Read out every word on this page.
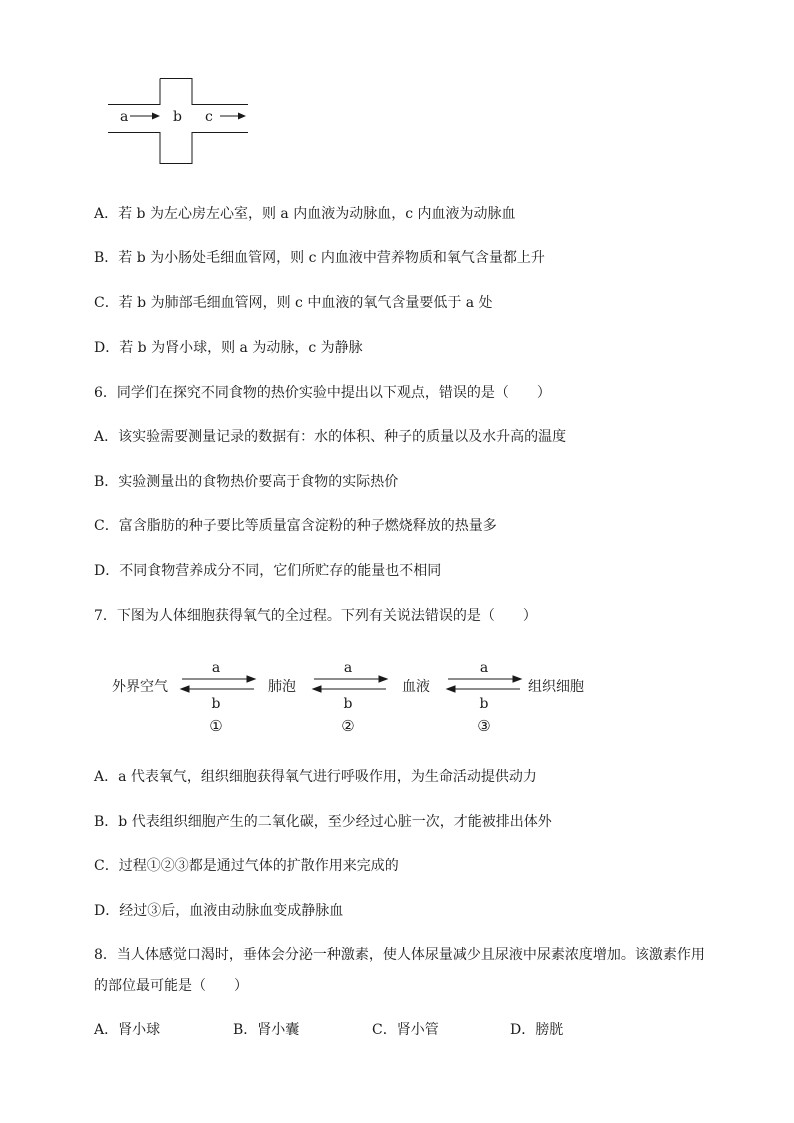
a	b c
A．若 b 为左心房左心室，则 a 内血液为动脉血，c 内血液为动脉血
B．若 b 为小肠处毛细血管网，则 c 内血液中营养物质和氧气含量都上升
C．若 b 为肺部毛细血管网，则 c 中血液的氧气含量要低于 a 处
D．若 b 为肾小球，则 a 为动脉，c 为静脉
6．同学们在探究不同食物的热价实验中提出以下观点，错误的是（　　）
A．该实验需要测量记录的数据有：水的体积、种子的质量以及水升高的温度
B．实验测量出的食物热价要高于食物的实际热价
C．富含脂肪的种子要比等质量富含淀粉的种子燃烧释放的热量多
D．不同食物营养成分不同，它们所贮存的能量也不相同
7．下图为人体细胞获得氧气的全过程。下列有关说法错误的是（　　）
外界空气	肺泡	血液	组织细胞
a	a	a
b	b	b
①	②	③
A．a 代表氧气，组织细胞获得氧气进行呼吸作用，为生命活动提供动力
B．b 代表组织细胞产生的二氧化碳，至少经过心脏一次，才能被排出体外
C．过程①②③都是通过气体的扩散作用来完成的
D．经过③后，血液由动脉血变成静脉血
8．当人体感觉口渴时，垂体会分泌一种激素，使人体尿量减少且尿液中尿素浓度增加。该激素作用
的部位最可能是（　　）
A．肾小球	B．肾小囊	C．肾小管	D．膀胱
